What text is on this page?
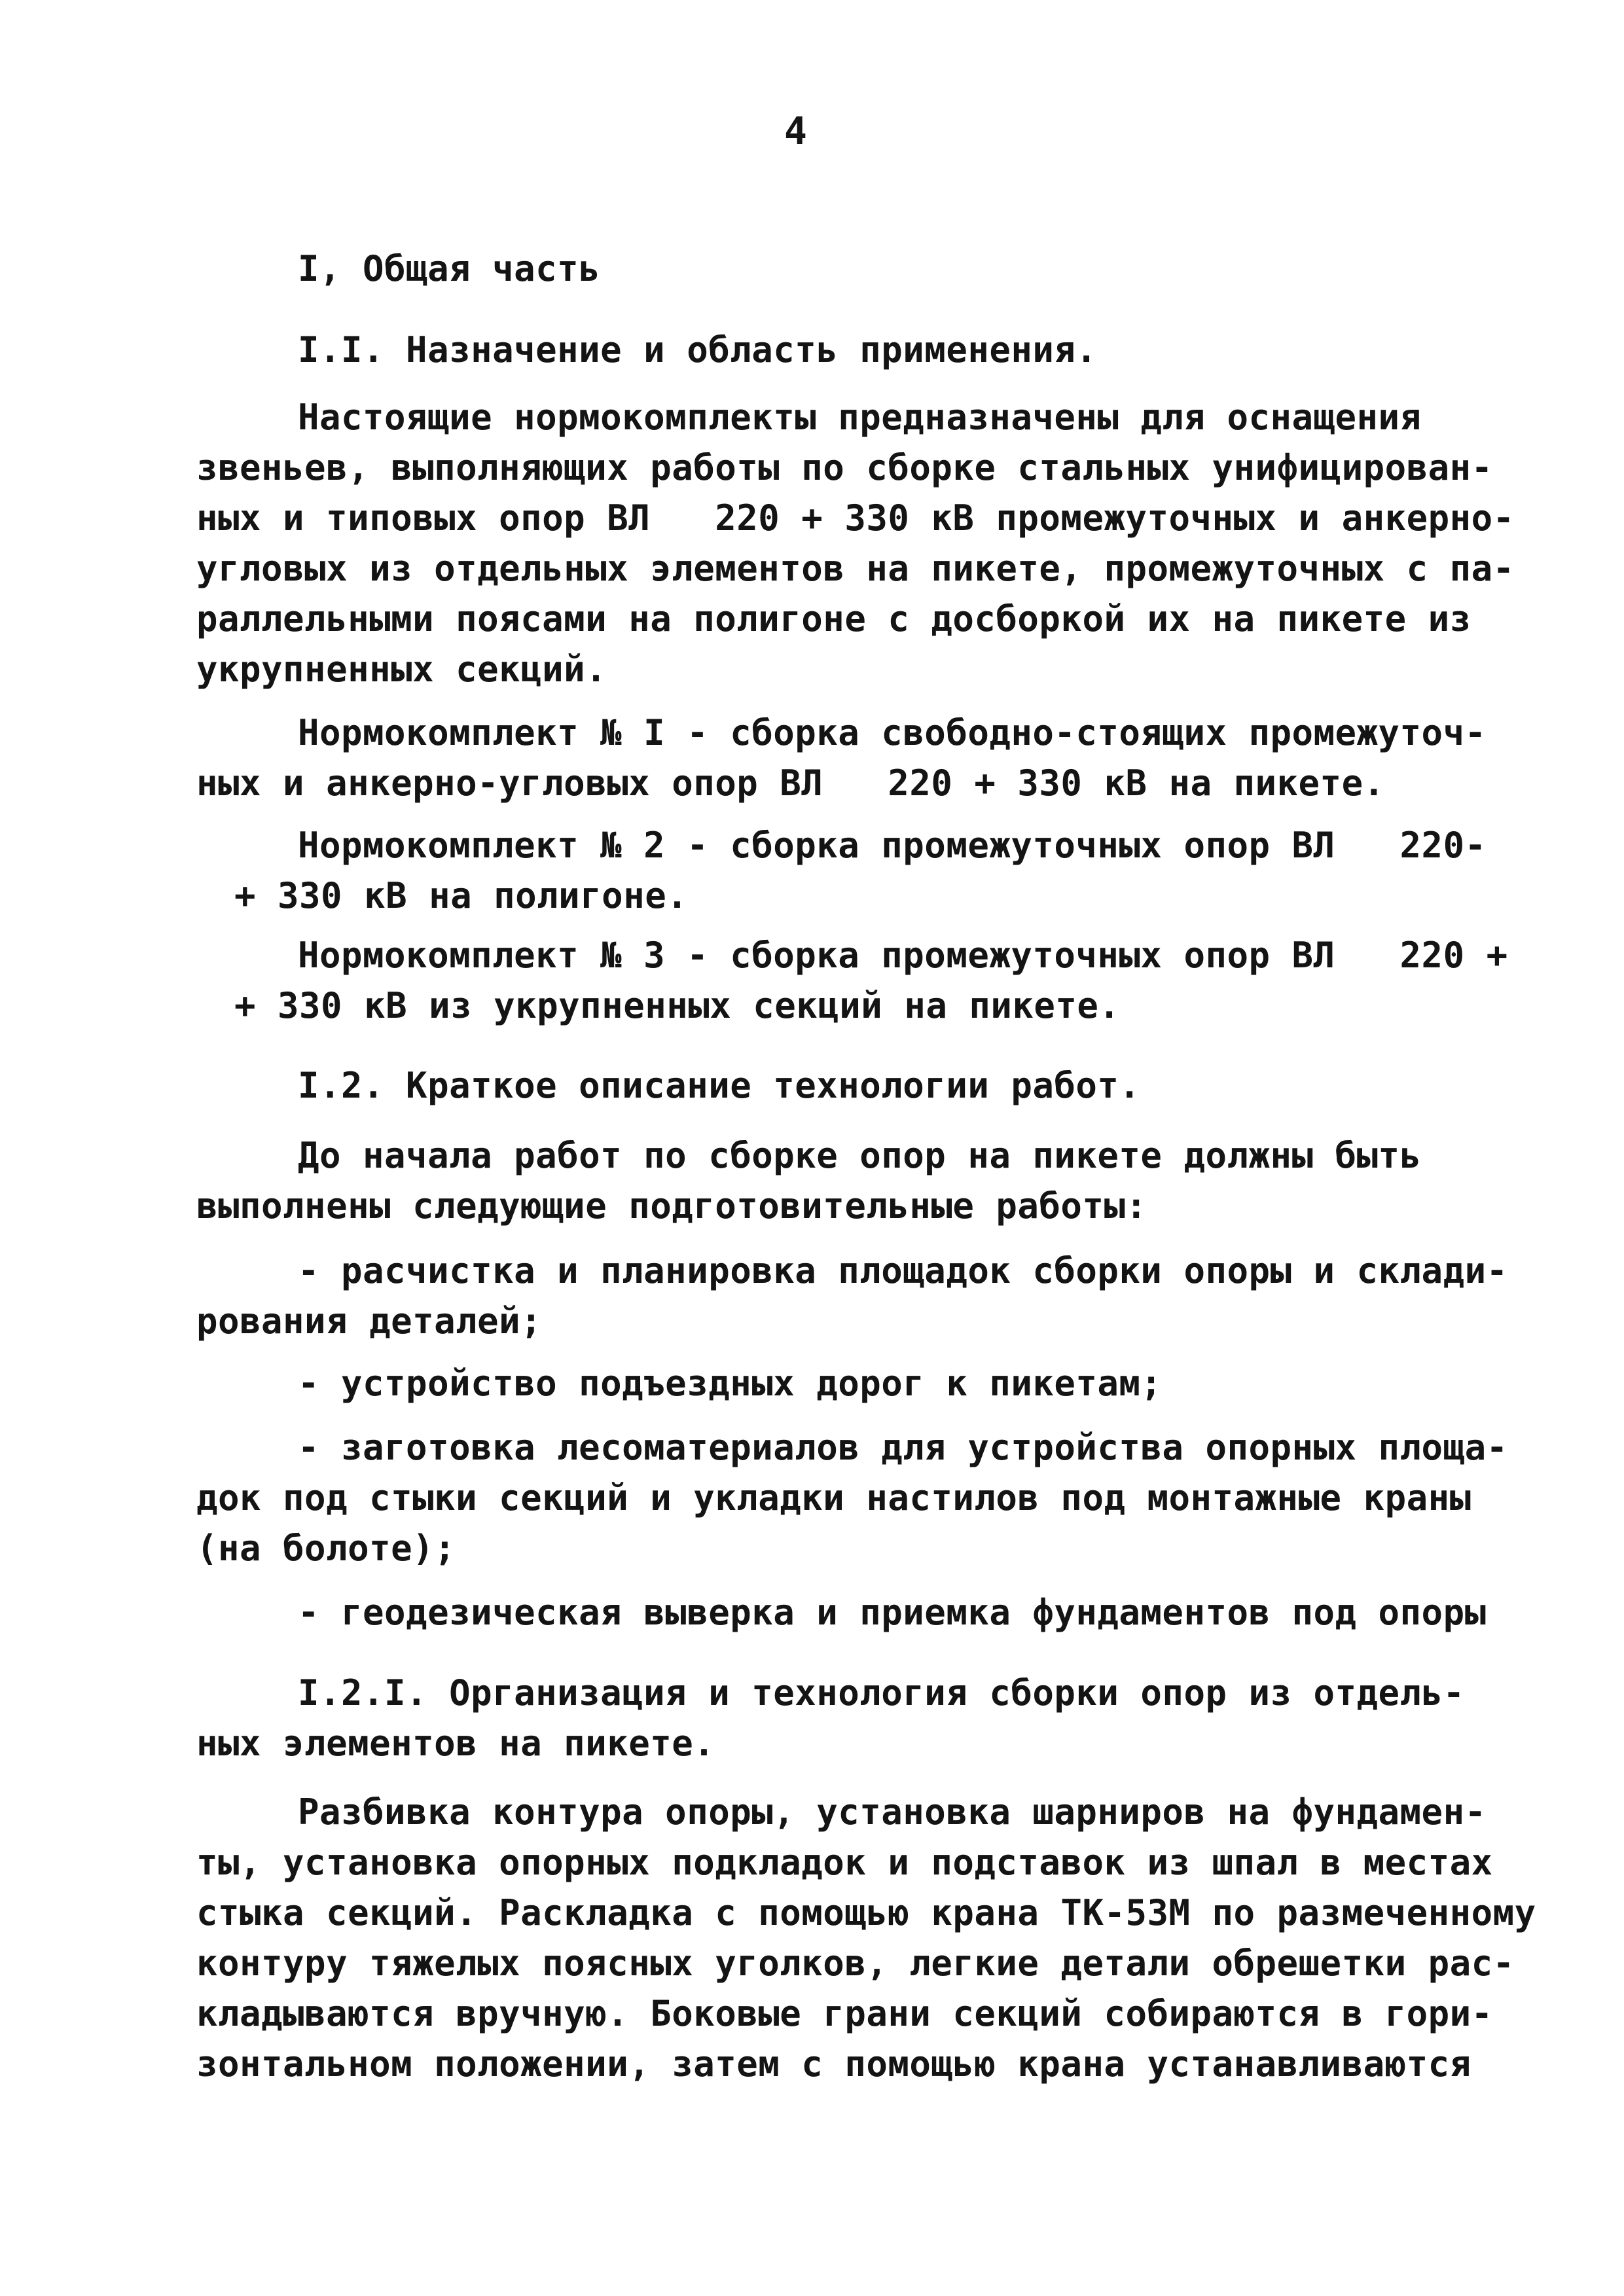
4
I, Общая часть
I.I. Назначение и область применения.
Настоящие нормокомплекты предназначены для оснащения
звеньев, выполняющих работы по сборке стальных унифицирован-
ных и типовых опор ВЛ   220 + 330 кВ промежуточных и анкерно-
угловых из отдельных элементов на пикете, промежуточных с па-
раллельными поясами на полигоне с досборкой их на пикете из
укрупненных секций.
Нормокомплект № I - сборка свободно-стоящих промежуточ-
ных и анкерно-угловых опор ВЛ   220 + 330 кВ на пикете.
Нормокомплект № 2 - сборка промежуточных опор ВЛ   220-
+ 330 кВ на полигоне.
Нормокомплект № 3 - сборка промежуточных опор ВЛ   220 +
+ 330 кВ из укрупненных секций на пикете.
I.2. Краткое описание технологии работ.
До начала работ по сборке опор на пикете должны быть
выполнены следующие подготовительные работы:
- расчистка и планировка площадок сборки опоры и склади-
рования деталей;
- устройство подъездных дорог к пикетам;
- заготовка лесоматериалов для устройства опорных площа-
док под стыки секций и укладки настилов под монтажные краны
(на болоте);
- геодезическая выверка и приемка фундаментов под опоры
I.2.I. Организация и технология сборки опор из отдель-
ных элементов на пикете.
Разбивка контура опоры, установка шарниров на фундамен-
ты, установка опорных подкладок и подставок из шпал в местах
стыка секций. Раскладка с помощью крана ТК-53М по размеченному
контуру тяжелых поясных уголков, легкие детали обрешетки рас-
кладываются вручную. Боковые грани секций собираются в гори-
зонтальном положении, затем с помощью крана устанавливаются
